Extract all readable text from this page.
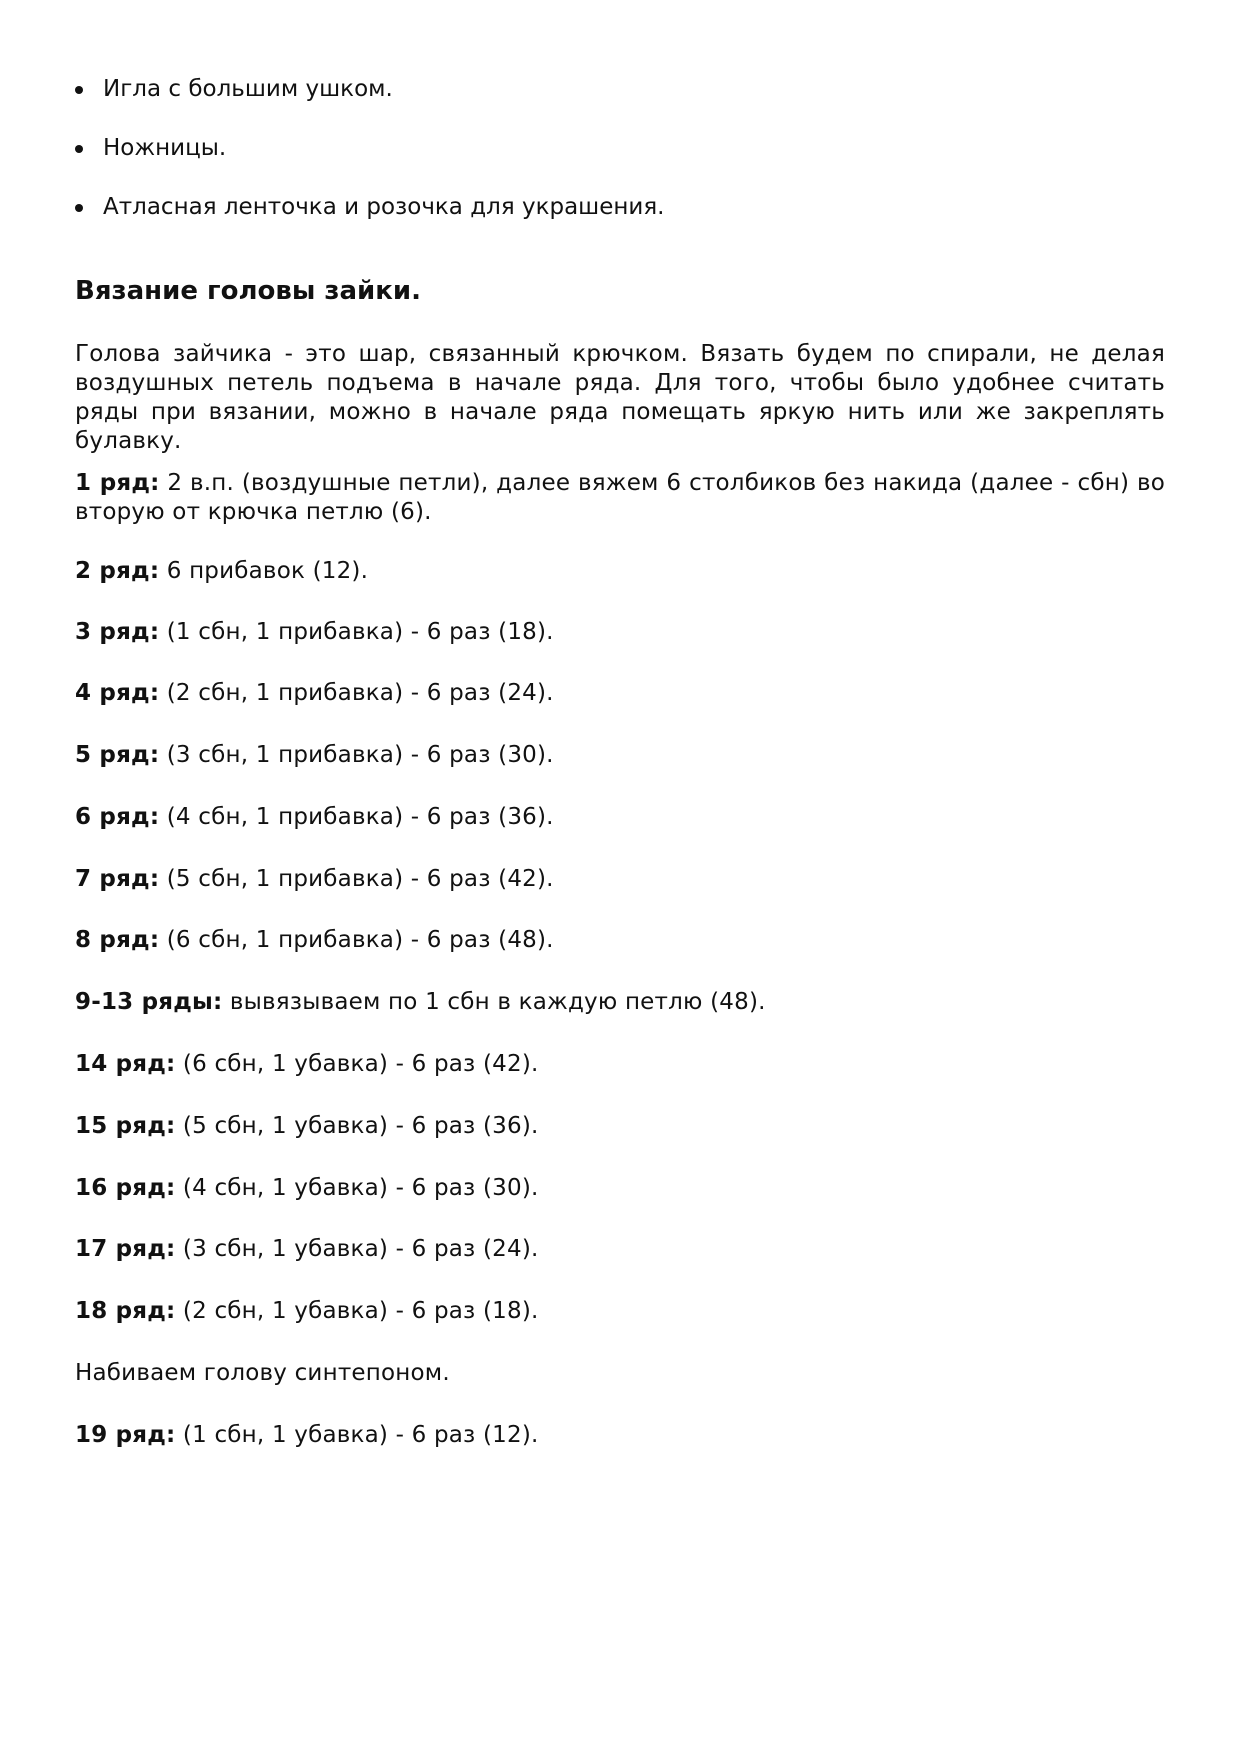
Игла с большим ушком.
Ножницы.
Атласная ленточка и розочка для украшения.
Вязание головы зайки.

Голова зайчика - это шар, связанный крючком. Вязать будем по спирали, не делая воздушных петель подъема в начале ряда. Для того, чтобы было удобнее считать ряды при вязании, можно в начале ряда помещать яркую нить или же закреплять булавку.

1 ряд: 2 в.п. (воздушные петли), далее вяжем 6 столбиков без накида (далее - сбн) во вторую от крючка петлю (6).

2 ряд: 6 прибавок (12).

3 ряд: (1 сбн, 1 прибавка) - 6 раз (18).

4 ряд: (2 сбн, 1 прибавка) - 6 раз (24).

5 ряд: (3 сбн, 1 прибавка) - 6 раз (30).

6 ряд: (4 сбн, 1 прибавка) - 6 раз (36).

7 ряд: (5 сбн, 1 прибавка) - 6 раз (42).

8 ряд: (6 сбн, 1 прибавка) - 6 раз (48).

9-13 ряды: вывязываем по 1 сбн в каждую петлю (48).

14 ряд: (6 сбн, 1 убавка) - 6 раз (42).

15 ряд: (5 сбн, 1 убавка) - 6 раз (36).

16 ряд: (4 сбн, 1 убавка) - 6 раз (30).

17 ряд: (3 сбн, 1 убавка) - 6 раз (24).

18 ряд: (2 сбн, 1 убавка) - 6 раз (18).

Набиваем голову синтепоном.

19 ряд: (1 сбн, 1 убавка) - 6 раз (12).
